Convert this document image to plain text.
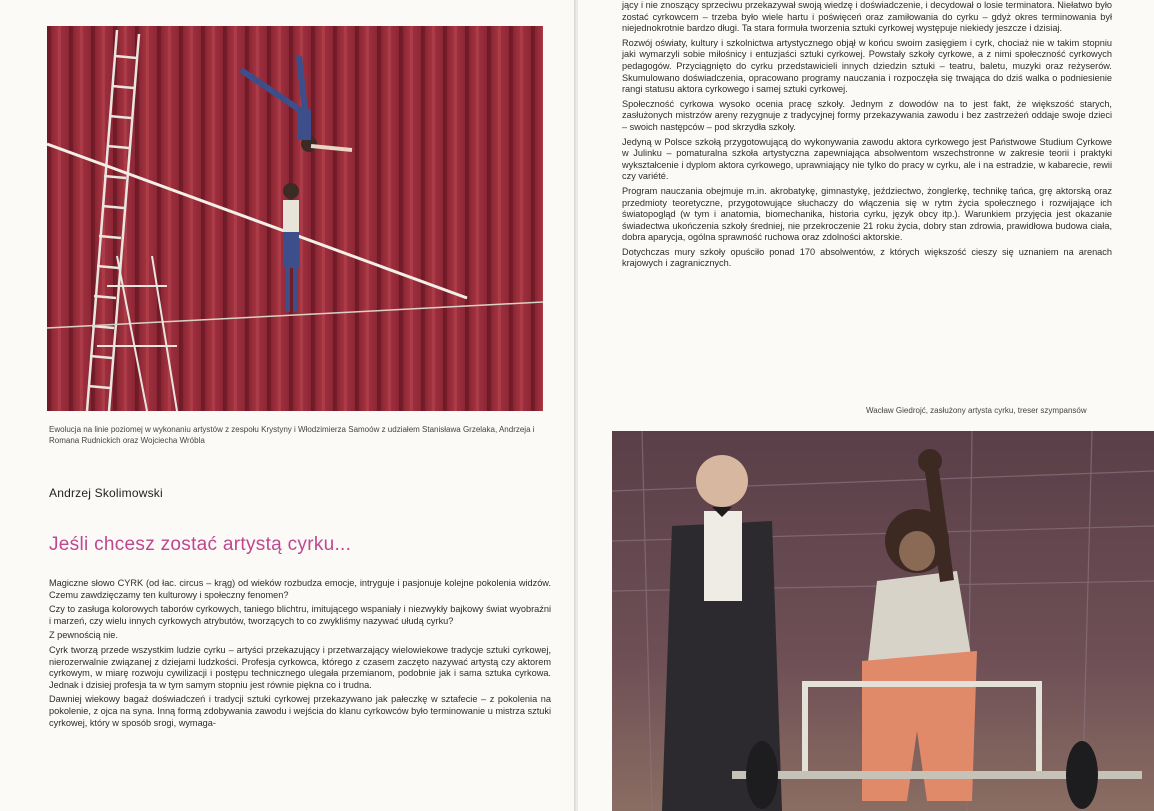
Ewolucja na linie poziomej w wykonaniu artystów z zespołu Krystyny i Włodzimierza Samoów z udziałem Stanisława Grzelaka, Andrzeja i Romana Rudnickich oraz Wojciecha Wróbla
Andrzej Skolimowski
Jeśli chcesz zostać artystą cyrku...

Magiczne słowo CYRK (od łac. circus – krąg) od wieków rozbudza emocje, intryguje i pasjonuje kolejne pokolenia widzów. Czemu zawdzięczamy ten kulturowy i społeczny fenomen?

Czy to zasługa kolorowych taborów cyrkowych, taniego blichtru, imitującego wspaniały i niezwykły bajkowy świat wyobraźni i marzeń, czy wielu innych cyrkowych atrybutów, tworzących to co zwykliśmy nazywać ułudą cyrku?

Z pewnością nie.

Cyrk tworzą przede wszystkim ludzie cyrku – artyści przekazujący i przetwarzający wielowiekowe tradycje sztuki cyrkowej, nierozerwalnie związanej z dziejami ludzkości. Profesja cyrkowca, którego z czasem zaczęto nazywać artystą czy aktorem cyrkowym, w miarę rozwoju cywilizacji i postępu technicznego ulegała przemianom, podobnie jak i sama sztuka cyrkowa. Jednak i dzisiej profesja ta w tym samym stopniu jest równie piękna co i trudna.

Dawniej wiekowy bagaż doświadczeń i tradycji sztuki cyrkowej przekazywano jak pałeczkę w sztafecie – z pokolenia na pokolenie, z ojca na syna. Inną formą zdobywania zawodu i wejścia do klanu cyrkowców było terminowanie u mistrza sztuki cyrkowej, który w sposób srogi, wymaga-

jący i nie znoszący sprzeciwu przekazywał swoją wiedzę i doświadczenie, i decydował o losie terminatora. Niełatwo było zostać cyrkowcem – trzeba było wiele hartu i poświęceń oraz zamiłowania do cyrku – gdyż okres terminowania był niejednokrotnie bardzo długi. Ta stara formuła tworzenia sztuki cyrkowej występuje niekiedy jeszcze i dzisiaj.

Rozwój oświaty, kultury i szkolnictwa artystycznego objął w końcu swoim zasięgiem i cyrk, chociaż nie w takim stopniu jaki wymarzyli sobie miłośnicy i entuzjaści sztuki cyrkowej. Powstały szkoły cyrkowe, a z nimi społeczność cyrkowych pedagogów. Przyciągnięto do cyrku przedstawicieli innych dziedzin sztuki – teatru, baletu, muzyki oraz reżyserów. Skumulowano doświadczenia, opracowano programy nauczania i rozpoczęła się trwająca do dziś walka o podniesienie rangi statusu aktora cyrkowego i samej sztuki cyrkowej.

Społeczność cyrkowa wysoko ocenia pracę szkoły. Jednym z dowodów na to jest fakt, że większość starych, zasłużonych mistrzów areny rezygnuje z tradycyjnej formy przekazywania zawodu i bez zastrzeżeń oddaje swoje dzieci – swoich następców – pod skrzydła szkoły.

Jedyną w Polsce szkołą przygotowującą do wykonywania zawodu aktora cyrkowego jest Państwowe Studium Cyrkowe w Julinku – pomaturalna szkoła artystyczna zapewniająca absolwentom wszechstronne w zakresie teorii i praktyki wykształcenie i dyplom aktora cyrkowego, uprawniający nie tylko do pracy w cyrku, ale i na estradzie, w kabarecie, rewii czy variété.

Program nauczania obejmuje m.in. akrobatykę, gimnastykę, jeździectwo, żonglerkę, technikę tańca, grę aktorską oraz przedmioty teoretyczne, przygotowujące słuchaczy do włączenia się w rytm życia społecznego i rozwijające ich światopogląd (w tym i anatomia, biomechanika, historia cyrku, język obcy itp.). Warunkiem przyjęcia jest okazanie świadectwa ukończenia szkoły średniej, nie przekroczenie 21 roku życia, dobry stan zdrowia, prawidłowa budowa ciała, dobra aparycja, ogólna sprawność ruchowa oraz zdolności aktorskie.

Dotychczas mury szkoły opuściło ponad 170 absolwentów, z których większość cieszy się uznaniem na arenach krajowych i zagranicznych.

Wacław Giedrojć, zasłużony artysta cyrku, treser szympansów
